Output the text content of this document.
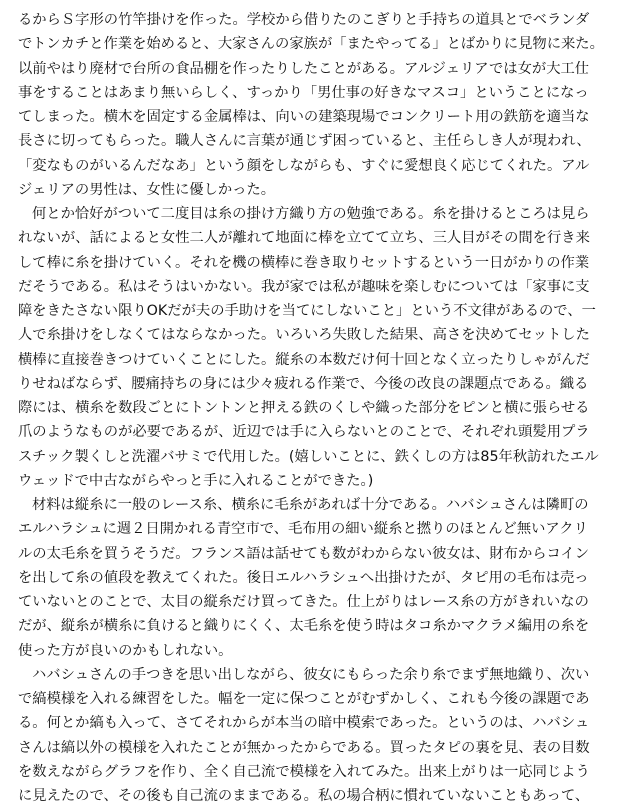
るからＳ字形の竹竿掛けを作った。学校から借りたのこぎりと手持ちの道具とでベランダ
でトンカチと作業を始めると、大家さんの家族が「またやってる」とばかりに見物に来た。
以前やはり廃材で台所の食品棚を作ったりしたことがある。アルジェリアでは女が大工仕
事をすることはあまり無いらしく、すっかり「男仕事の好きなマスコ」ということになっ
てしまった。横木を固定する金属棒は、向いの建築現場でコンクリート用の鉄筋を適当な
長さに切ってもらった。職人さんに言葉が通じず困っていると、主任らしき人が現われ、
「変なものがいるんだなあ」という顔をしながらも、すぐに愛想良く応じてくれた。アル
ジェリアの男性は、女性に優しかった。
何とか恰好がついて二度目は糸の掛け方織り方の勉強である。糸を掛けるところは見ら
れないが、話によると女性二人が離れて地面に棒を立てて立ち、三人目がその間を行き来
して棒に糸を掛けていく。それを機の横棒に巻き取りセットするという一日がかりの作業
だそうである。私はそうはいかない。我が家では私が趣味を楽しむについては「家事に支
障をきたさない限りOKだが夫の手助けを当てにしないこと」という不文律があるので、一
人で糸掛けをしなくてはならなかった。いろいろ失敗した結果、高さを決めてセットした
横棒に直接巻きつけていくことにした。縦糸の本数だけ何十回となく立ったりしゃがんだ
りせねばならず、腰痛持ちの身には少々疲れる作業で、今後の改良の課題点である。織る
際には、横糸を数段ごとにトントンと押える鉄のくしや織った部分をピンと横に張らせる
爪のようなものが必要であるが、近辺では手に入らないとのことで、それぞれ頭髪用プラ
スチック製くしと洗濯バサミで代用した。(嬉しいことに、鉄くしの方は85年秋訪れたエル
ウェッドで中古ながらやっと手に入れることができた。)
材料は縦糸に一般のレース糸、横糸に毛糸があれば十分である。ハバシュさんは隣町の
エルハラシュに週２日開かれる青空市で、毛布用の細い縦糸と撚りのほとんど無いアクリ
ルの太毛糸を買うそうだ。フランス語は話せても数がわからない彼女は、財布からコイン
を出して糸の値段を教えてくれた。後日エルハラシュへ出掛けたが、タピ用の毛布は売っ
ていないとのことで、太目の縦糸だけ買ってきた。仕上がりはレース糸の方がきれいなの
だが、縦糸が横糸に負けると織りにくく、太毛糸を使う時はタコ糸かマクラメ編用の糸を
使った方が良いのかもしれない。
ハバシュさんの手つきを思い出しながら、彼女にもらった余り糸でまず無地織り、次い
で縞模様を入れる練習をした。幅を一定に保つことがむずかしく、これも今後の課題であ
る。何とか縞も入って、さてそれからが本当の暗中模索であった。というのは、ハバシュ
さんは縞以外の模様を入れたことが無かったからである。買ったタピの裏を見、表の目数
を数えながらグラフを作り、全く自己流で模様を入れてみた。出来上がりは一応同じよう
に見えたので、その後も自己流のままである。私の場合柄に慣れていないこともあって、
